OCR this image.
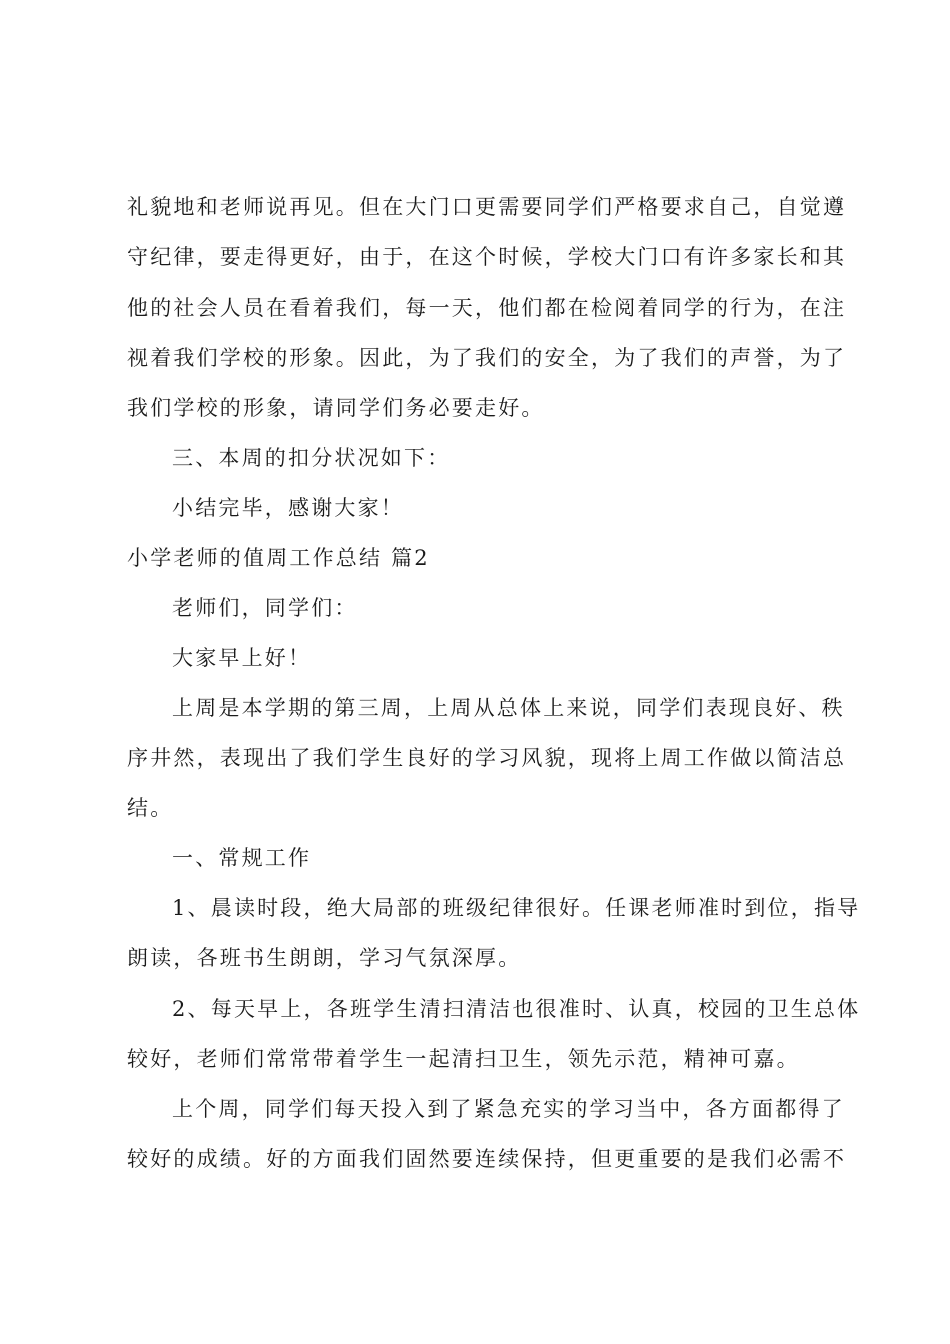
礼貌地和老师说再见。但在大门口更需要同学们严格要求自己，自觉遵
守纪律，要走得更好，由于，在这个时候，学校大门口有许多家长和其
他的社会人员在看着我们，每一天，他们都在检阅着同学的行为，在注
视着我们学校的形象。因此，为了我们的安全，为了我们的声誉，为了
我们学校的形象，请同学们务必要走好。
三、本周的扣分状况如下：
小结完毕，感谢大家！
小学老师的值周工作总结 篇2
老师们，同学们：
大家早上好！
上周是本学期的第三周，上周从总体上来说，同学们表现良好、秩
序井然，表现出了我们学生良好的学习风貌，现将上周工作做以简洁总
结。
一、常规工作
1、晨读时段，绝大局部的班级纪律很好。任课老师准时到位，指导
朗读，各班书生朗朗，学习气氛深厚。
2、每天早上，各班学生清扫清洁也很准时、认真，校园的卫生总体
较好，老师们常常带着学生一起清扫卫生，领先示范，精神可嘉。
上个周，同学们每天投入到了紧急充实的学习当中，各方面都得了
较好的成绩。好的方面我们固然要连续保持，但更重要的是我们必需不
